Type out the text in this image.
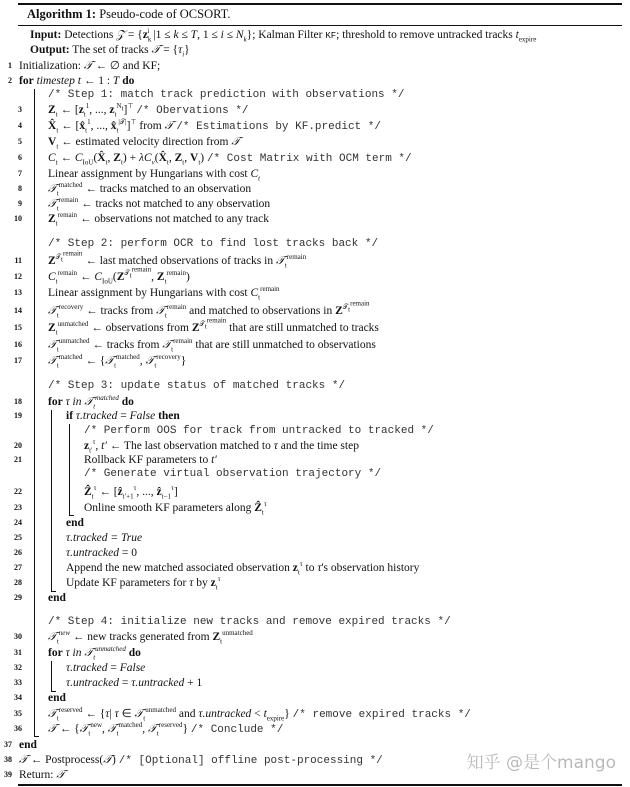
Algorithm 1: Pseudo-code of OCSORT.
Input: Detections 𝒵 = {$z_k^i$ |1 ≤ k ≤ T, $1 \le i \le N_k$}; Kalman Filter KF; threshold to remove untracked tracks $t_{expire}$
Output: The set of tracks 𝒯 = $\{\tau_i\}$
1 Initialization: 𝒯 ← ∅ and KF;
2 for timestep t ← 1 : T do
/* Step 1: match track prediction with observations */
3 $Z_t$ ← [$z_t^1$, ..., $z_t^{N_t}]^⊤$ /* Obervations */
4 $X̂_t$ ← [$x̂_t^1$, ..., $x̂_t^{|𝒯|}]^⊤$ from 𝒯 /* Estimations by KF.predict */
5 $V_t$ ← estimated velocity direction from 𝒯
6 $C_t$ ← $C_{IoU}(X̂_t$, $Z_t$) + $\lambda C_v(X̂_t$, $Z_t$, $V_t$) /* Cost Matrix with OCM term */
7 Linear assignment by Hungarians with cost $C_t$
8 𝒯$_t^{matched}$ ← tracks matched to an observation
9 𝒯$_t^{remain}$ ← tracks not matched to any observation
10 $Z_t^{remain}$ ← observations not matched to any track
/* Step 2: perform OCR to find lost tracks back */
11 $Z^{𝒯_t^{remain}}$ ← last matched observations of tracks in 𝒯$_t^{remain}$
12 $C_t^{remain}$ ← $C_{IoU}(Z^{𝒯_t^{remain}}$, $Z_t^{remain}$)
13 Linear assignment by Hungarians with cost $C_t^{remain}$
14 𝒯$_t^{recovery}$ ← tracks from 𝒯$_t^{remain}$ and matched to observations in $Z^{𝒯_t^{remain}}$
15 $Z_t^{unmatched}$ ← observations from $Z^{𝒯_t^{remain}}$ that are still unmatched to tracks
16 𝒯$_t^{unmatched}$ ← tracks from 𝒯$_t^{remain}$ that are still unmatched to observations
17 𝒯$_t^{matched}$ ← {𝒯$_t^{matched}$, 𝒯$_t^{recovery}$}
/* Step 3: update status of matched tracks */
18 for τ in 𝒯$_t^{matched}$ do
19	if τ.tracked = False then
/* Perform OOS for track from untracked to tracked */
20	$z_{t'}^\tau$, t′ ← The last observation matched to τ and the time step
21	Rollback KF parameters to t′
/* Generate virtual observation trajectory */
22	Ẑ$_t^\tau$ ← [ẑ$_{t'+1}^\tau$, ..., ẑ$_{t-1}^\tau$]
23	Online smooth KF parameters along Ẑ$_t^\tau$
24	end
25	τ.tracked = True
26	τ.untracked = 0
27	Append the new matched associated observation $z_t^\tau$ to τ's observation history
28	Update KF parameters for τ by $z_t^\tau$
29 end
/* Step 4: initialize new tracks and remove expired tracks */
30 𝒯$_t^{new}$ ← new tracks generated from $Z_t^{unmatched}$
31 for τ in 𝒯$_t^{unmatched}$ do
32	τ.tracked = False
33	τ.untracked = τ.untracked + 1
34 end
35 𝒯$_t^{reserved}$ ← {τ| τ ∈ 𝒯$_t^{unmatched}$ and τ.untracked < $t_{expire}$} /* remove expired tracks */
36 𝒯 ← {𝒯$_t^{new}$, 𝒯$_t^{matched}$, 𝒯$_t^{reserved}$} /* Conclude */
37 end
38 𝒯 ← Postprocess(𝒯) /* [Optional] offline post-processing */
39 Return: 𝒯
知乎 @是个mango
